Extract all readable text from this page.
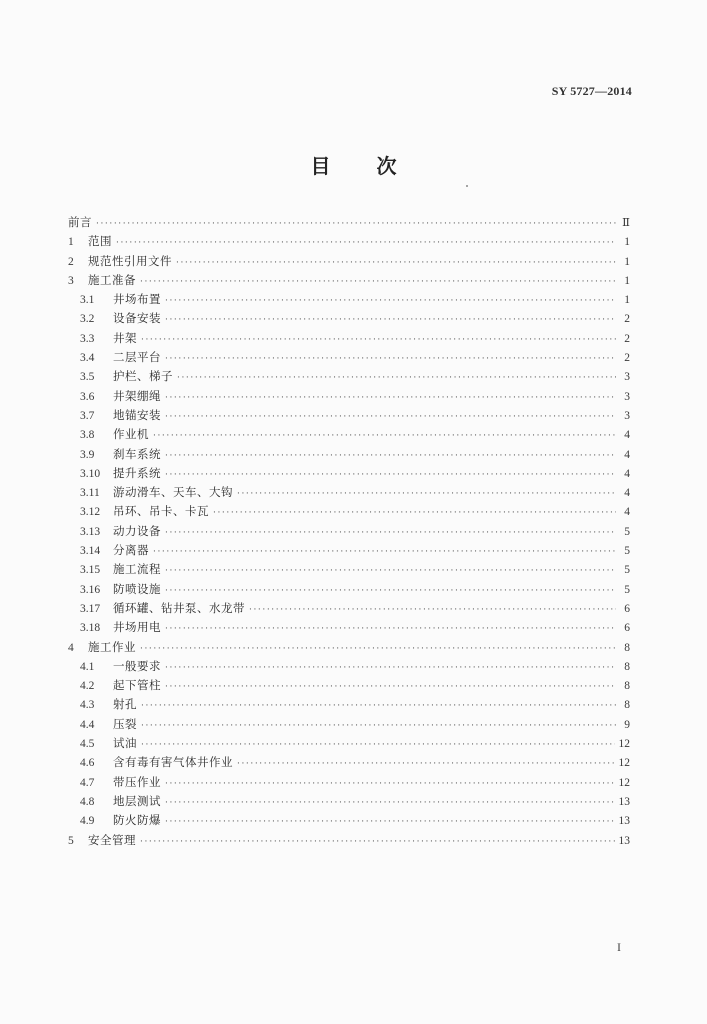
SY 5727—2014
目 次
前言 ·····	Ⅱ
1	范围 ·····	1
2	规范性引用文件 ·····	1
3	施工准备 ·····	1
3.1	井场布置 ·····	1
3.2	设备安装 ·····	2
3.3	井架 ·····	2
3.4	二层平台 ·····	2
3.5	护栏、梯子 ·····	3
3.6	井架绷绳 ·····	3
3.7	地锚安装 ·····	3
3.8	作业机 ·····	4
3.9	刹车系统 ·····	4
3.10	提升系统 ·····	4
3.11	游动滑车、天车、大钩 ·····	4
3.12	吊环、吊卡、卡瓦 ·····	4
3.13	动力设备 ·····	5
3.14	分离器 ·····	5
3.15	施工流程 ·····	5
3.16	防喷设施 ·····	5
3.17	循环罐、钻井泵、水龙带 ·····	6
3.18	井场用电 ·····	6
4	施工作业 ·····	8
4.1	一般要求 ·····	8
4.2	起下管柱 ·····	8
4.3	射孔 ·····	8
4.4	压裂 ·····	9
4.5	试油 ·····	12
4.6	含有毒有害气体井作业 ·····	12
4.7	带压作业 ·····	12
4.8	地层测试 ·····	13
4.9	防火防爆 ·····	13
5	安全管理 ·····	13
I
